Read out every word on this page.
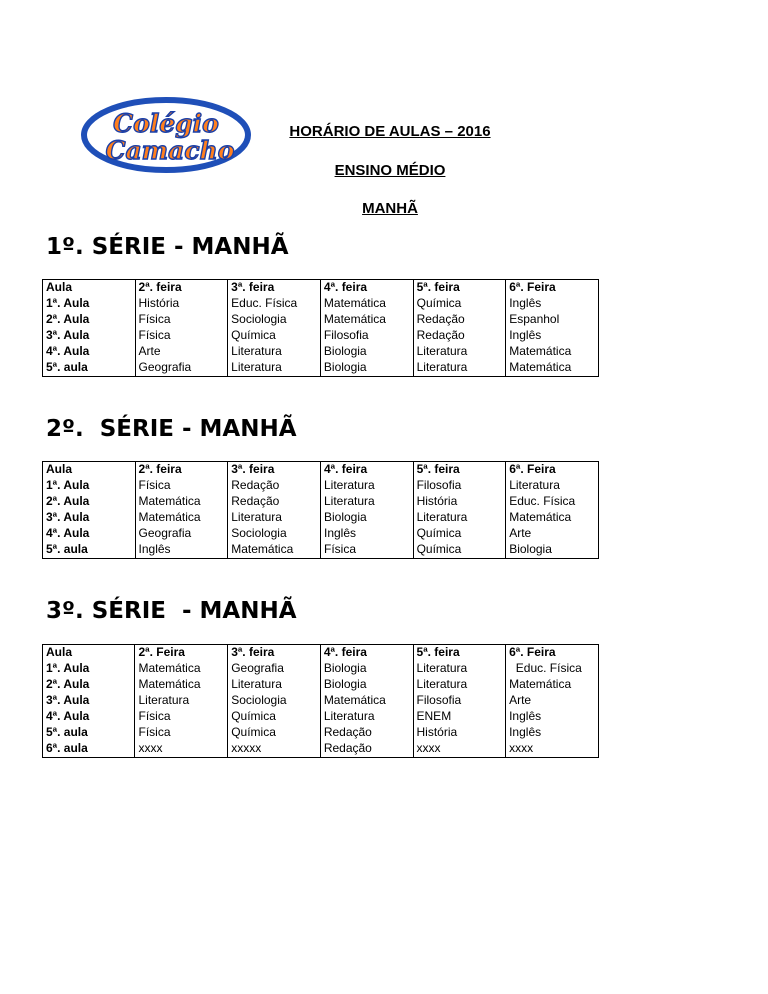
Colégio
Camacho
HORÁRIO DE AULAS – 2016
ENSINO MÉDIO
MANHÃ
1º. SÉRIE - MANHÃ
Aula	2ª. feira	3ª. feira	4ª. feira	5ª. feira	6ª. Feira
1ª. Aula	História	Educ. Física	Matemática	Química	Inglês
2ª. Aula	Física	Sociologia	Matemática	Redação	Espanhol
3ª. Aula	Física	Química	Filosofia	Redação	Inglês
4ª. Aula	Arte	Literatura	Biologia	Literatura	Matemática
5ª. aula	Geografia	Literatura	Biologia	Literatura	Matemática
2º.  SÉRIE - MANHÃ
Aula	2ª. feira	3ª. feira	4ª. feira	5ª. feira	6ª. Feira
1ª. Aula	Física	Redação	Literatura	Filosofia	Literatura
2ª. Aula	Matemática	Redação	Literatura	História	Educ. Física
3ª. Aula	Matemática	Literatura	Biologia	Literatura	Matemática
4ª. Aula	Geografia	Sociologia	Inglês	Química	Arte
5ª. aula	Inglês	Matemática	Física	Química	Biologia
3º. SÉRIE  - MANHÃ
Aula	2ª. Feira	3ª. feira	4ª. feira	5ª. feira	6ª. Feira
1ª. Aula	Matemática	Geografia	Biologia	Literatura	Educ. Física
2ª. Aula	Matemática	Literatura	Biologia	Literatura	Matemática
3ª. Aula	Literatura	Sociologia	Matemática	Filosofia	Arte
4ª. Aula	Física	Química	Literatura	ENEM	Inglês
5ª. aula	Física	Química	Redação	História	Inglês
6ª. aula	xxxx	xxxxx	Redação	xxxx	xxxx
